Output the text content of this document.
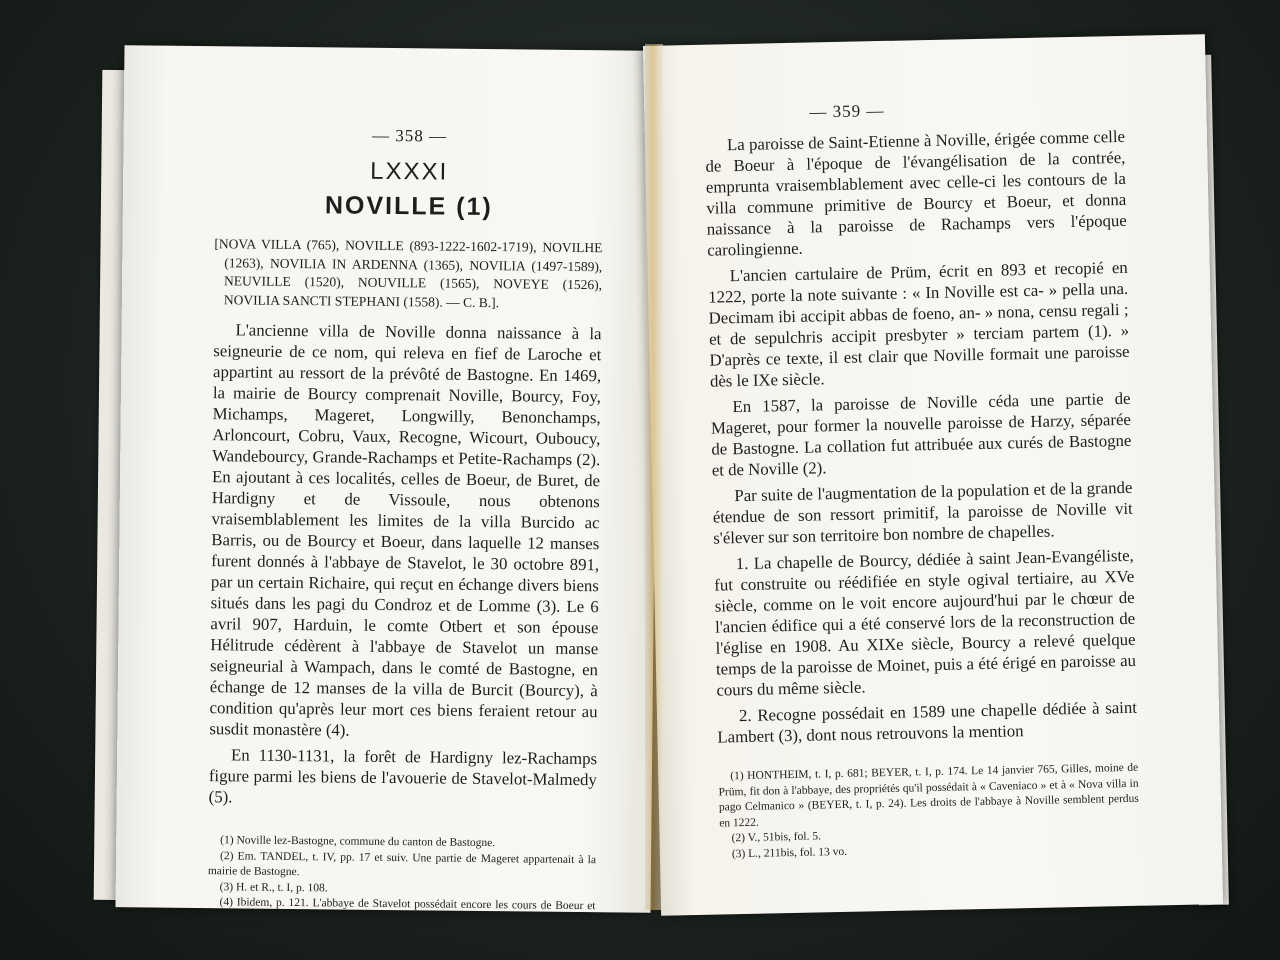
— 358 —
LXXXI
NOVILLE (1)
[NOVA VILLA (765), NOVILLE (893-1222-1602-1719), NOVILHE (1263), NOVILIA IN ARDENNA (1365), NOVILIA (1497-1589), NEUVILLE (1520), NOUVILLE (1565), NOVEYE (1526), NOVILIA SANCTI STEPHANI (1558). — C. B.].

L'ancienne villa de Noville donna naissance à la seigneurie de ce nom, qui releva en fief de Laroche et appartint au ressort de la prévôté de Bastogne. En 1469, la mairie de Bourcy comprenait Noville, Bourcy, Foy, Michamps, Mageret, Longwilly, Benonchamps, Arloncourt, Cobru, Vaux, Recogne, Wicourt, Ouboucy, Wandebourcy, Grande-Rachamps et Petite-Rachamps (2). En ajoutant à ces localités, celles de Boeur, de Buret, de Hardigny et de Vissoule, nous obtenons vraisemblablement les limites de la villa Burcido ac Barris, ou de Bourcy et Boeur, dans laquelle 12 manses furent donnés à l'abbaye de Stavelot, le 30 octobre 891, par un certain Richaire, qui reçut en échange divers biens situés dans les pagi du Condroz et de Lomme (3). Le 6 avril 907, Harduin, le comte Otbert et son épouse Hélitrude cédèrent à l'abbaye de Stavelot un manse seigneurial à Wampach, dans le comté de Bastogne, en échange de 12 manses de la villa de Burcit (Bourcy), à condition qu'après leur mort ces biens feraient retour au susdit monastère (4).

En 1130-1131, la forêt de Hardigny lez-Rachamps figure parmi les biens de l'avouerie de Stavelot-Malmedy (5).

(1) Noville lez-Bastogne, commune du canton de Bastogne.

(2) Em. TANDEL, t. IV, pp. 17 et suiv. Une partie de Mageret appartenait à la mairie de Bastogne.

(3) H. et R., t. I, p. 108.

(4) Ibidem, p. 121. L'abbaye de Stavelot possédait encore les cours de Boeur et Buret et de Bourcy, au xve siècle (B. 53 II, fol. 14).

(5) H. et R., t. I, p. 304 : « silva de Hardineis. »

— 359 —

La paroisse de Saint-Etienne à Noville, érigée comme celle de Boeur à l'époque de l'évangélisation de la contrée, emprunta vraisemblablement avec celle-ci les contours de la villa commune primitive de Bourcy et Boeur, et donna naissance à la paroisse de Rachamps vers l'époque carolingienne.

L'ancien cartulaire de Prüm, écrit en 893 et recopié en 1222, porte la note suivante : « In Noville est ca- » pella una. Decimam ibi accipit abbas de foeno, an- » nona, censu regali ; et de sepulchris accipit presbyter » terciam partem (1). » D'après ce texte, il est clair que Noville formait une paroisse dès le IXe siècle.

En 1587, la paroisse de Noville céda une partie de Mageret, pour former la nouvelle paroisse de Harzy, séparée de Bastogne. La collation fut attribuée aux curés de Bastogne et de Noville (2).

Par suite de l'augmentation de la population et de la grande étendue de son ressort primitif, la paroisse de Noville vit s'élever sur son territoire bon nombre de chapelles.

1. La chapelle de Bourcy, dédiée à saint Jean-Evangéliste, fut construite ou réédifiée en style ogival tertiaire, au XVe siècle, comme on le voit encore aujourd'hui par le chœur de l'ancien édifice qui a été conservé lors de la reconstruction de l'église en 1908. Au XIXe siècle, Bourcy a relevé quelque temps de la paroisse de Moinet, puis a été érigé en paroisse au cours du même siècle.

2. Recogne possédait en 1589 une chapelle dédiée à saint Lambert (3), dont nous retrouvons la mention

(1) HONTHEIM, t. I, p. 681; BEYER, t. I, p. 174. Le 14 janvier 765, Gilles, moine de Prüm, fit don à l'abbaye, des propriétés qu'il possédait à « Caveniaco » et à « Nova villa in pago Celmanico » (BEYER, t. I, p. 24). Les droits de l'abbaye à Noville semblent perdus en 1222.

(2) V., 51bis, fol. 5.

(3) L., 211bis, fol. 13 vo.
